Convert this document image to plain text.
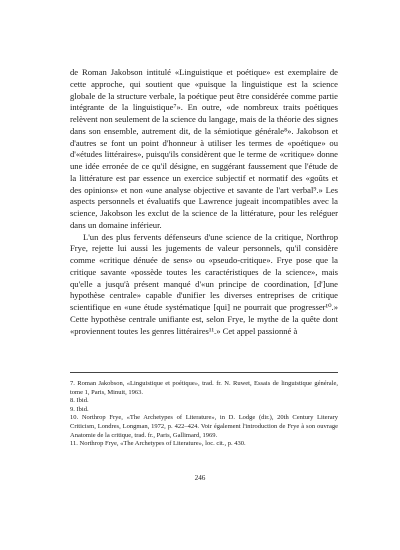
de Roman Jakobson intitulé «Linguistique et poétique» est exemplaire de cette approche, qui soutient que «puisque la linguistique est la science globale de la structure verbale, la poétique peut être considérée comme partie intégrante de la linguistique⁷». En outre, «de nombreux traits poétiques relèvent non seulement de la science du langage, mais de la théorie des signes dans son ensemble, autrement dit, de la sémiotique générale⁸». Jakobson et d'autres se font un point d'honneur à utiliser les termes de «poétique» ou d'«études littéraires», puisqu'ils considèrent que le terme de «critique» donne une idée erronée de ce qu'il désigne, en suggérant faussement que l'étude de la littérature est par essence un exercice subjectif et normatif des «goûts et des opinions» et non «une analyse objective et savante de l'art verbal⁹.» Les aspects personnels et évaluatifs que Lawrence jugeait incompatibles avec la science, Jakobson les exclut de la science de la littérature, pour les reléguer dans un domaine inférieur.

L'un des plus fervents défenseurs d'une science de la critique, Northrop Frye, rejette lui aussi les jugements de valeur personnels, qu'il considère comme «critique dénuée de sens» ou «pseudo-critique». Frye pose que la critique savante «possède toutes les caractéristiques de la science», mais qu'elle a jusqu'à présent manqué d'«un principe de coordination, [d']une hypothèse centrale» capable d'unifier les diverses entreprises de critique scientifique en «une étude systématique [qui] ne pourrait que progresser¹⁰.» Cette hypothèse centrale unifiante est, selon Frye, le mythe de la quête dont «proviennent toutes les genres littéraires¹¹.» Cet appel passionné à

7. Roman Jakobson, «Linguistique et poétique», trad. fr. N. Ruwet, Essais de linguistique générale, tome 1, Paris, Minuit, 1963.
8. Ibid.
9. Ibid.
10. Northrop Frye, «The Archetypes of Literature», in D. Lodge (dir.), 20th Century Literary Criticism, Londres, Longman, 1972, p. 422–424. Voir également l'introduction de Frye à son ouvrage Anatomie de la critique, trad. fr., Paris, Gallimard, 1969.
11. Northrop Frye, «The Archetypes of Literature», loc. cit., p. 430.
246
